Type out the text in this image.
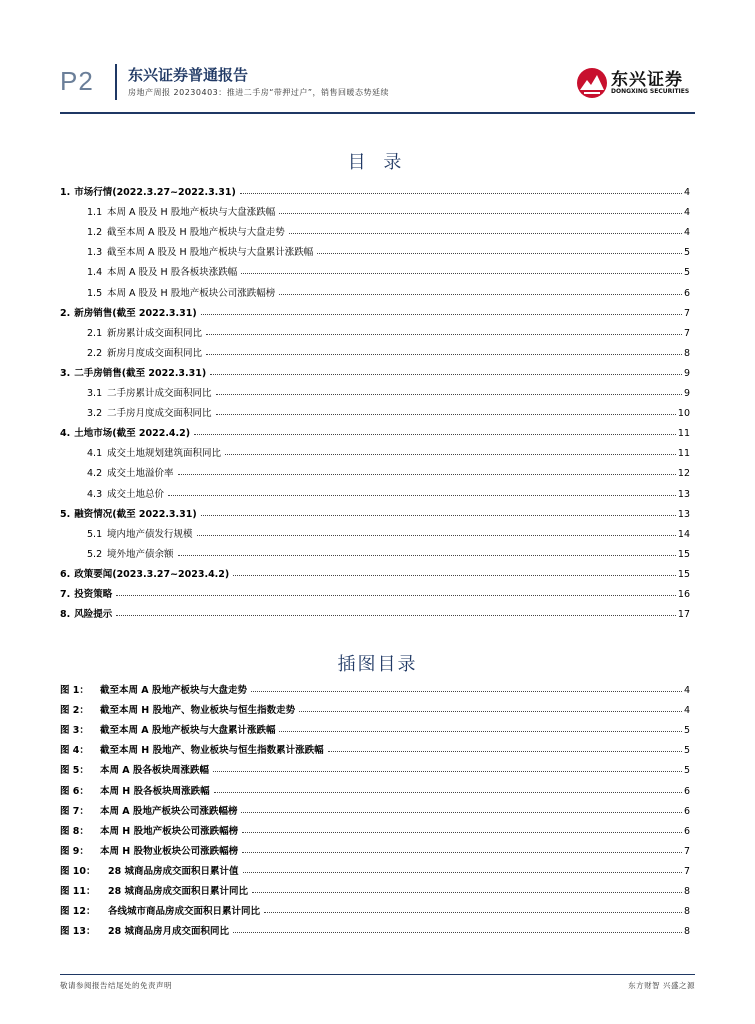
P2 东兴证券普通报告
房地产周报 20230403：推进二手房“带押过户”，销售回暖态势延续
东兴证券
DONGXING SECURITIES
目 录
1. 市场行情(2022.3.27~2022.3.31)	4
1.1 本周 A 股及 H 股地产板块与大盘涨跌幅	4
1.2 截至本周 A 股及 H 股地产板块与大盘走势	4
1.3 截至本周 A 股及 H 股地产板块与大盘累计涨跌幅	5
1.4 本周 A 股及 H 股各板块涨跌幅	5
1.5 本周 A 股及 H 股地产板块公司涨跌幅榜	6
2. 新房销售(截至 2022.3.31)	7
2.1 新房累计成交面积同比	7
2.2 新房月度成交面积同比	8
3. 二手房销售(截至 2022.3.31)	9
3.1 二手房累计成交面积同比	9
3.2 二手房月度成交面积同比	10
4. 土地市场(截至 2022.4.2)	11
4.1 成交土地规划建筑面积同比	11
4.2 成交土地溢价率	12
4.3 成交土地总价	13
5. 融资情况(截至 2022.3.31)	13
5.1 境内地产债发行规模	14
5.2 境外地产债余额	15
6. 政策要闻(2023.3.27~2023.4.2)	15
7. 投资策略	16
8. 风险提示	17
插图目录
图 1： 截至本周 A 股地产板块与大盘走势	4
图 2： 截至本周 H 股地产、物业板块与恒生指数走势	4
图 3： 截至本周 A 股地产板块与大盘累计涨跌幅	5
图 4： 截至本周 H 股地产、物业板块与恒生指数累计涨跌幅	5
图 5： 本周 A 股各板块周涨跌幅	5
图 6： 本周 H 股各板块周涨跌幅	6
图 7： 本周 A 股地产板块公司涨跌幅榜	6
图 8： 本周 H 股地产板块公司涨跌幅榜	6
图 9： 本周 H 股物业板块公司涨跌幅榜	7
图 10： 28 城商品房成交面积日累计值	7
图 11： 28 城商品房成交面积日累计同比	8
图 12： 各线城市商品房成交面积日累计同比	8
图 13： 28 城商品房月成交面积同比	8
敬请参阅报告结尾处的免责声明	东方财智 兴盛之源
